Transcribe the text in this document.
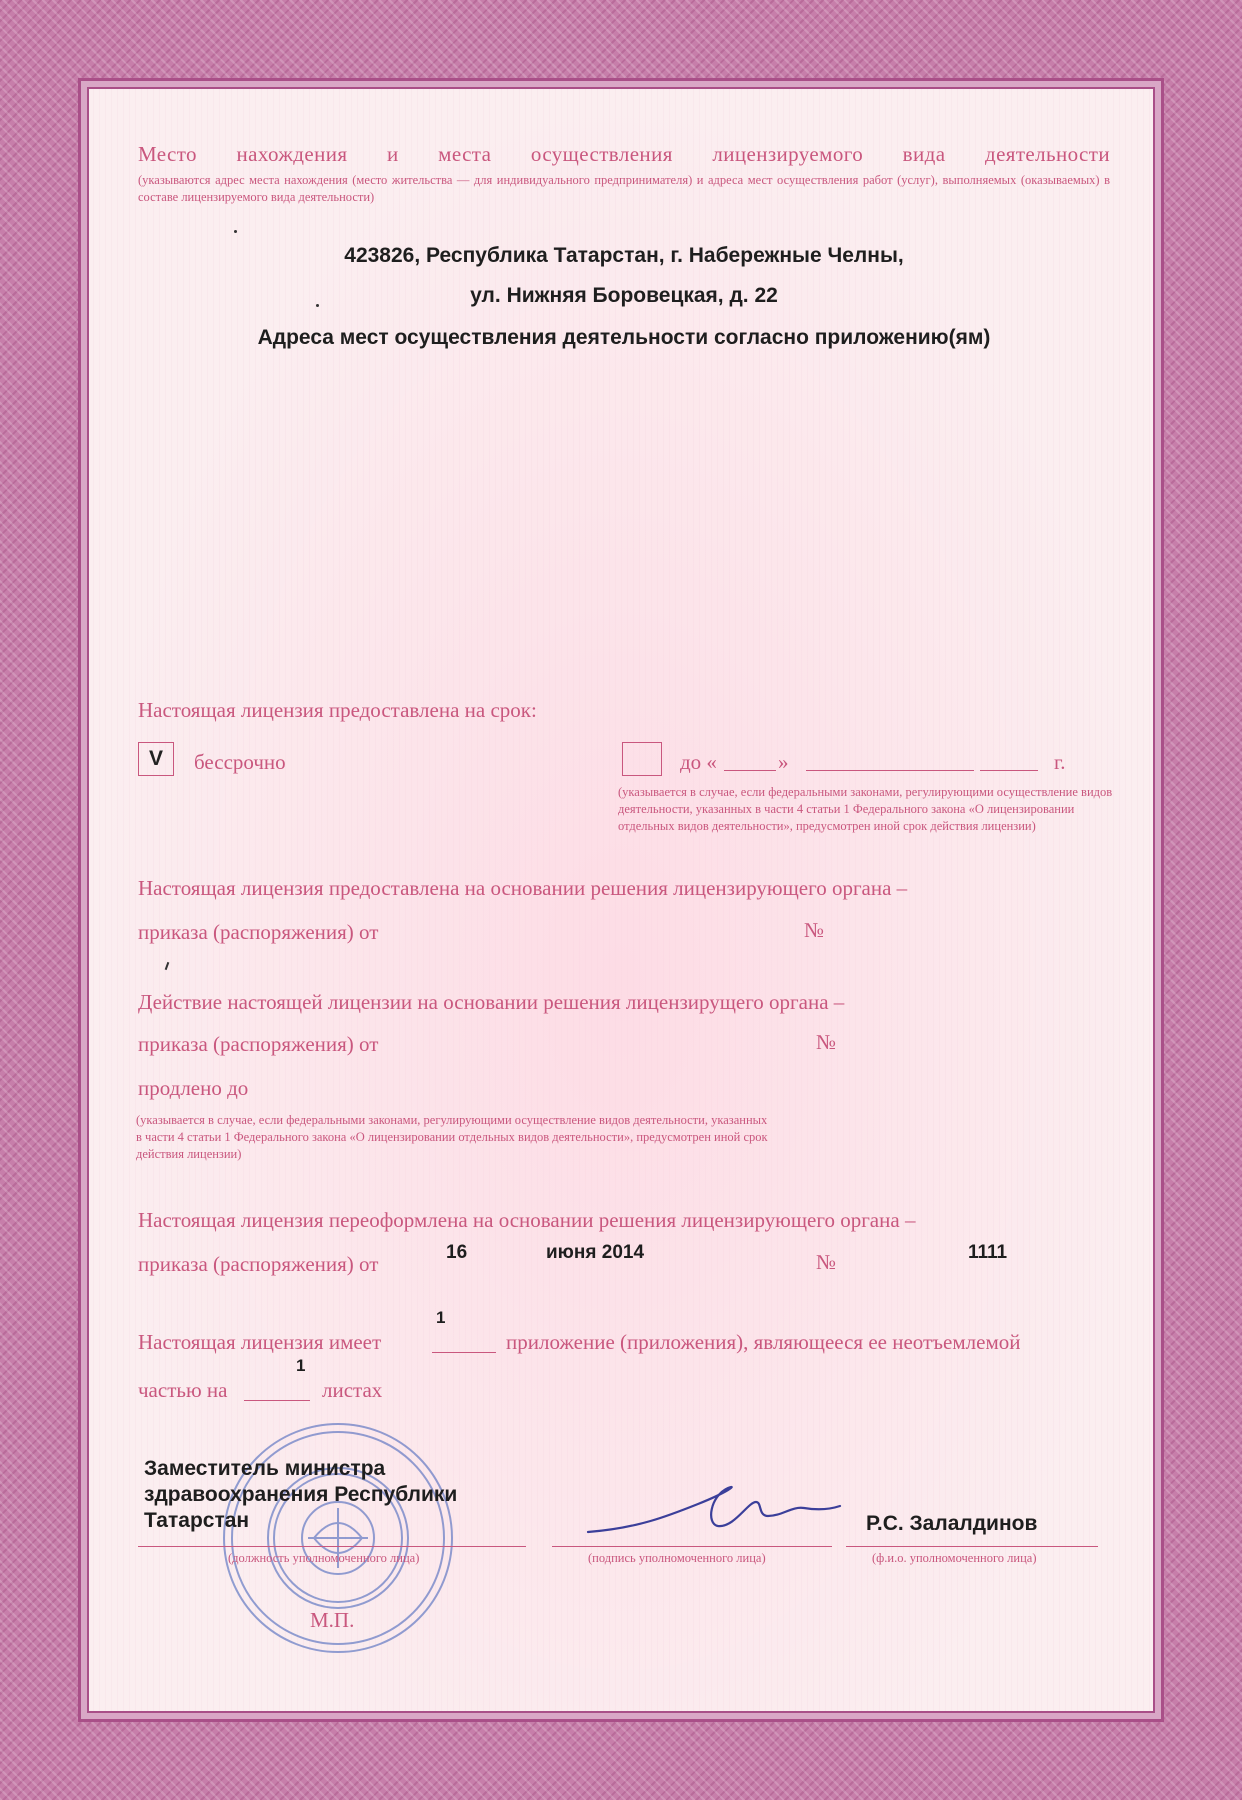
Место нахождения и места осуществления лицензируемого вида деятельности
(указываются адрес места нахождения (место жительства — для индивидуального предпринимателя) и адреса мест осуществления работ (услуг), выполняемых (оказываемых) в составе лицензируемого вида деятельности)
423826, Республика Татарстан, г. Набережные Челны,
ул. Нижняя Боровецкая, д. 22
Адреса мест осуществления деятельности согласно приложению(ям)
Настоящая лицензия предоставлена на срок:
V	бессрочно	до «	»	г.
(указывается в случае, если федеральными законами, регулирующими осуществление видов деятельности, указанных в части 4 статьи 1 Федерального закона «О лицензировании отдельных видов деятельности», предусмотрен иной срок действия лицензии)
Настоящая лицензия предоставлена на основании решения лицензирующего органа –
приказа (распоряжения) от	№
Действие настоящей лицензии на основании решения лицензирущего органа –
приказа (распоряжения) от	№
продлено до
(указывается в случае, если федеральными законами, регулирующими осуществление видов деятельности, указанных в части 4 статьи 1 Федерального закона «О лицензировании отдельных видов деятельности», предусмотрен иной срок действия лицензии)
Настоящая лицензия переоформлена на основании решения лицензирующего органа –
приказа (распоряжения) от	16	июня 2014	№	1111
1
Настоящая лицензия имеет	приложение (приложения), являющееся ее неотъемлемой
1
частью на	листах
Заместитель министра
здравоохранения Республики
Татарстан	Р.С. Залалдинов
(должность уполномоченного лица)	(подпись уполномоченного лица)	(ф.и.о. уполномоченного лица)
М.П.
